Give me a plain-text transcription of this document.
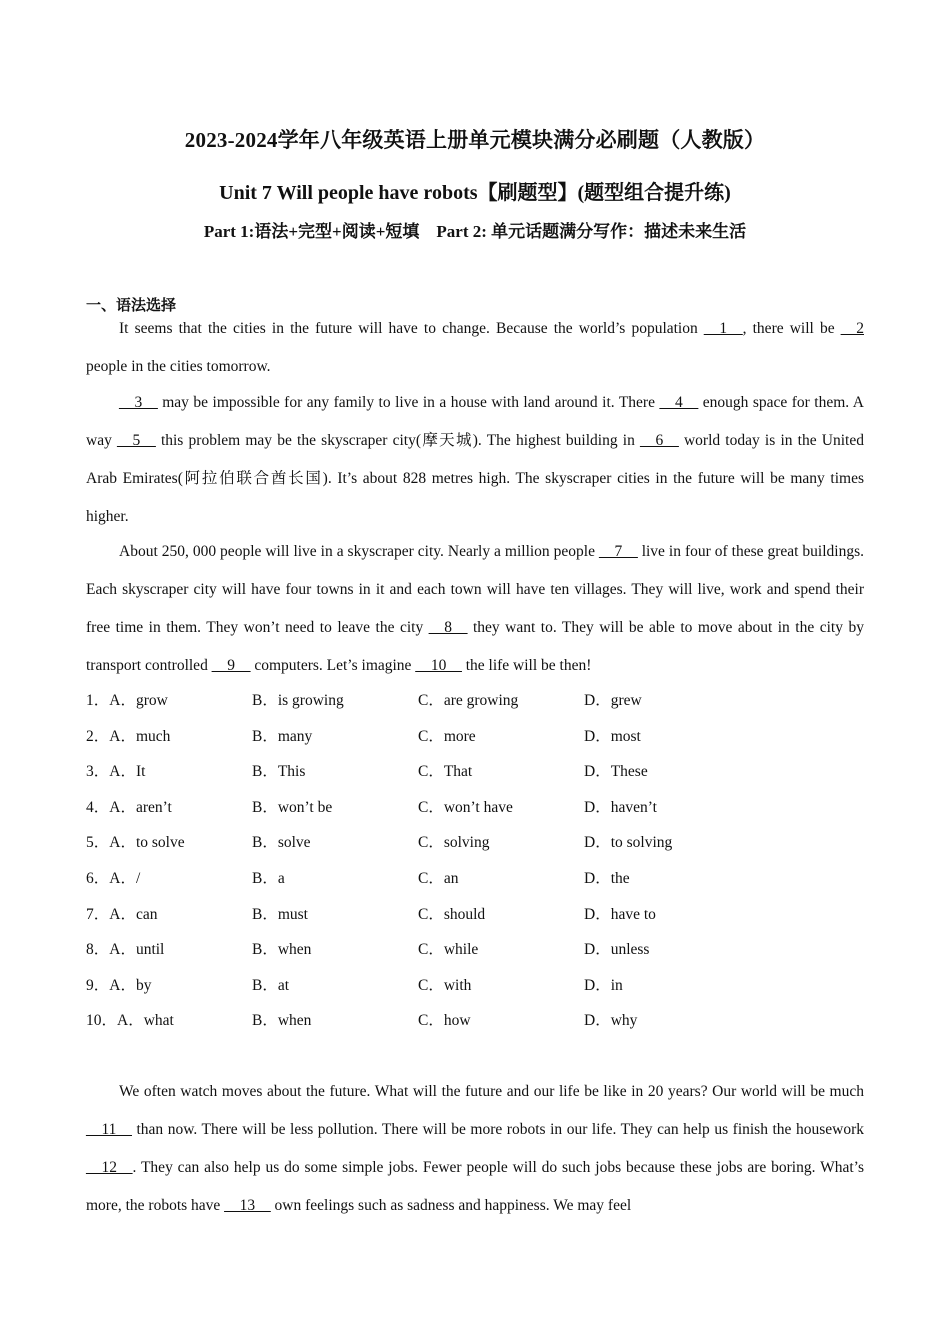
2023-2024学年八年级英语上册单元模块满分必刷题（人教版）
Unit 7 Will people have robots【刷题型】(题型组合提升练)
Part 1:语法+完型+阅读+短填　Part 2: 单元话题满分写作：描述未来生活
一、语法选择

It seems that the cities in the future will have to change. Because the world’s population __1__, there will be __2 people in the cities tomorrow.

__3__ may be impossible for any family to live in a house with land around it. There __4__ enough space for them. A way __5__ this problem may be the skyscraper city(摩天城). The highest building in __6__ world today is in the United Arab Emirates(阿拉伯联合酋长国). It’s about 828 metres high. The skyscraper cities in the future will be many times higher.

About 250, 000 people will live in a skyscraper city. Nearly a million people __7__ live in four of these great buildings. Each skyscraper city will have four towns in it and each town will have ten villages. They will live, work and spend their free time in them. They won’t need to leave the city __8__ they want to. They will be able to move about in the city by transport controlled __9__ computers. Let’s imagine __10__ the life will be then!

1．A．grow	B．is growing	C．are growing	D．grew
2．A．much	B．many	C．more	D．most
3．A．It	B．This	C．That	D．These
4．A．aren’t	B．won’t be	C．won’t have	D．haven’t
5．A．to solve	B．solve	C．solving	D．to solving
6．A．/	B．a	C．an	D．the
7．A．can	B．must	C．should	D．have to
8．A．until	B．when	C．while	D．unless
9．A．by	B．at	C．with	D．in
10．A．what	B．when	C．how	D．why

We often watch moves about the future. What will the future and our life be like in 20 years? Our world will be much __11__ than now. There will be less pollution. There will be more robots in our life. They can help us finish the housework __12__. They can also help us do some simple jobs. Fewer people will do such jobs because these jobs are boring. What’s more, the robots have __13__ own feelings such as sadness and happiness. We may feel
